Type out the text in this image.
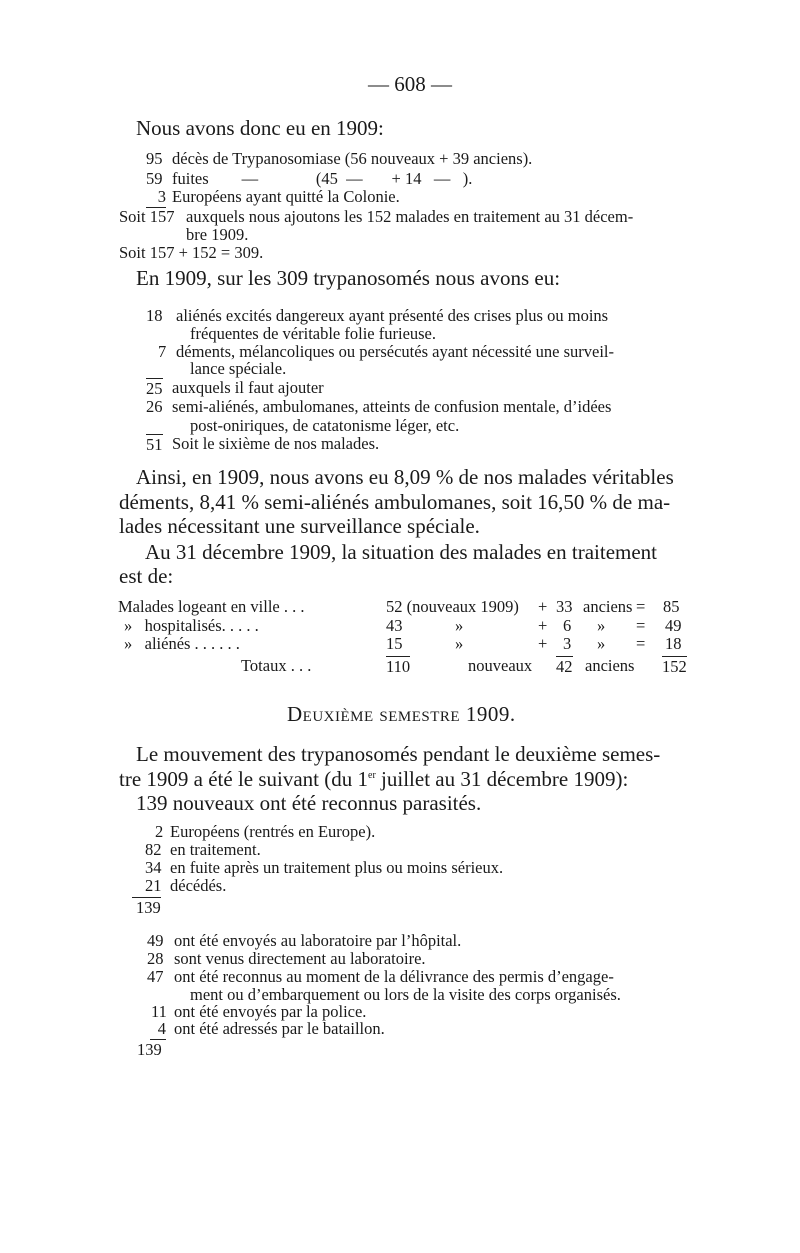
— 608 —
Nous avons donc eu en 1909:
95 décès de Trypanosomiase (56 nouveaux + 39 anciens).
59 fuites        —              (45  —       + 14   —   ).
3 Européens ayant quitté la Colonie.
Soit 157 auxquels nous ajoutons les 152 malades en traitement au 31 décem-
bre 1909.
Soit 157 + 152 = 309.
En 1909, sur les 309 trypanosomés nous avons eu:
18 aliénés excités dangereux ayant présenté des crises plus ou moins
fréquentes de véritable folie furieuse.
7 déments, mélancoliques ou persécutés ayant nécessité une surveil-
lance spéciale.
25 auxquels il faut ajouter
26 semi-aliénés, ambulomanes, atteints de confusion mentale, d’idées
post-oniriques, de catatonisme léger, etc.
51 Soit le sixième de nos malades.
Ainsi, en 1909, nous avons eu 8,09 % de nos malades véritables
déments, 8,41 % semi-aliénés ambulomanes, soit 16,50 % de ma-
lades nécessitant une surveillance spéciale.
Au 31 décembre 1909, la situation des malades en traitement
est de:
Malades logeant en ville . . .	52 (nouveaux 1909) + 33 anciens = 85
»   hospitalisés. . . . .	43	»	+ 6 » = 49
»   aliénés . . . . . .	15	»	+ 3 » = 18
Totaux . . .	110	nouveaux 42 anciens 152
Deuxième semestre 1909.
Le mouvement des trypanosomés pendant le deuxième semes-
tre 1909 a été le suivant (du 1er juillet au 31 décembre 1909):
139 nouveaux ont été reconnus parasités.
2 Européens (rentrés en Europe).
82 en traitement.
34 en fuite après un traitement plus ou moins sérieux.
21 décédés.
139
49 ont été envoyés au laboratoire par l’hôpital.
28 sont venus directement au laboratoire.
47 ont été reconnus au moment de la délivrance des permis d’engage-
ment ou d’embarquement ou lors de la visite des corps organisés.
11 ont été envoyés par la police.
4 ont été adressés par le bataillon.
139
